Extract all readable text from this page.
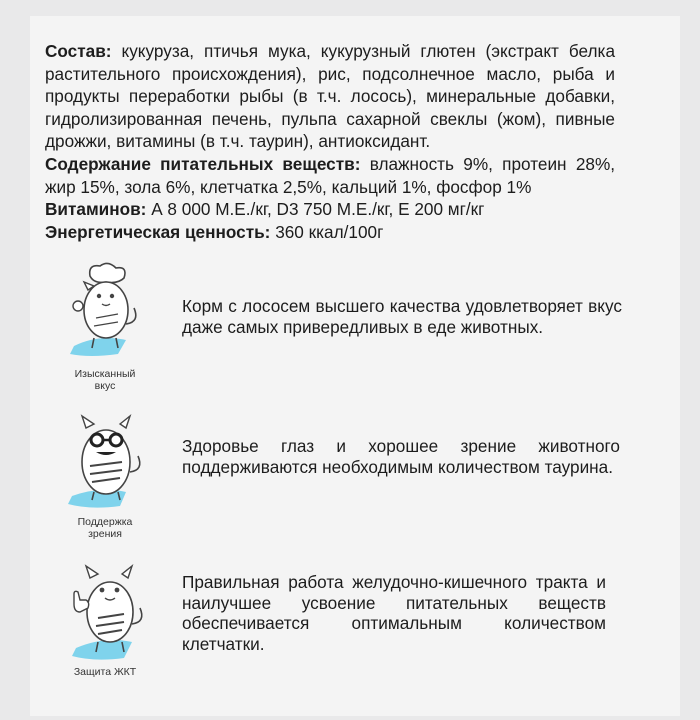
Состав: кукуруза, птичья мука, кукурузный глютен (экстракт белка растительного происхождения), рис, подсолнечное масло, рыба и продукты переработки рыбы (в т.ч. лосось), минеральные добавки, гидролизированная печень, пульпа сахарной свеклы (жом), пивные дрожжи, витамины (в т.ч. таурин), антиоксидант.

Содержание питательных веществ: влажность 9%, протеин 28%, жир 15%, зола 6%, клетчатка 2,5%, кальций 1%, фосфор 1%

Витаминов: А 8 000 М.Е./кг, D3 750 М.Е./кг, Е 200 мг/кг

Энергетическая ценность: 360 ккал/100г

Изысканный
вкус
Корм с лососем высшего качества удовлетворяет вкус даже самых привередливых в еде животных.
Поддержка
зрения
Здоровье глаз и хорошее зрение животного поддерживаются необходимым количеством таурина.
Защита ЖКТ
Правильная работа желудочно-кишечного тракта и наилучшее усвоение питательных веществ обеспечивается оптимальным количеством клетчатки.
